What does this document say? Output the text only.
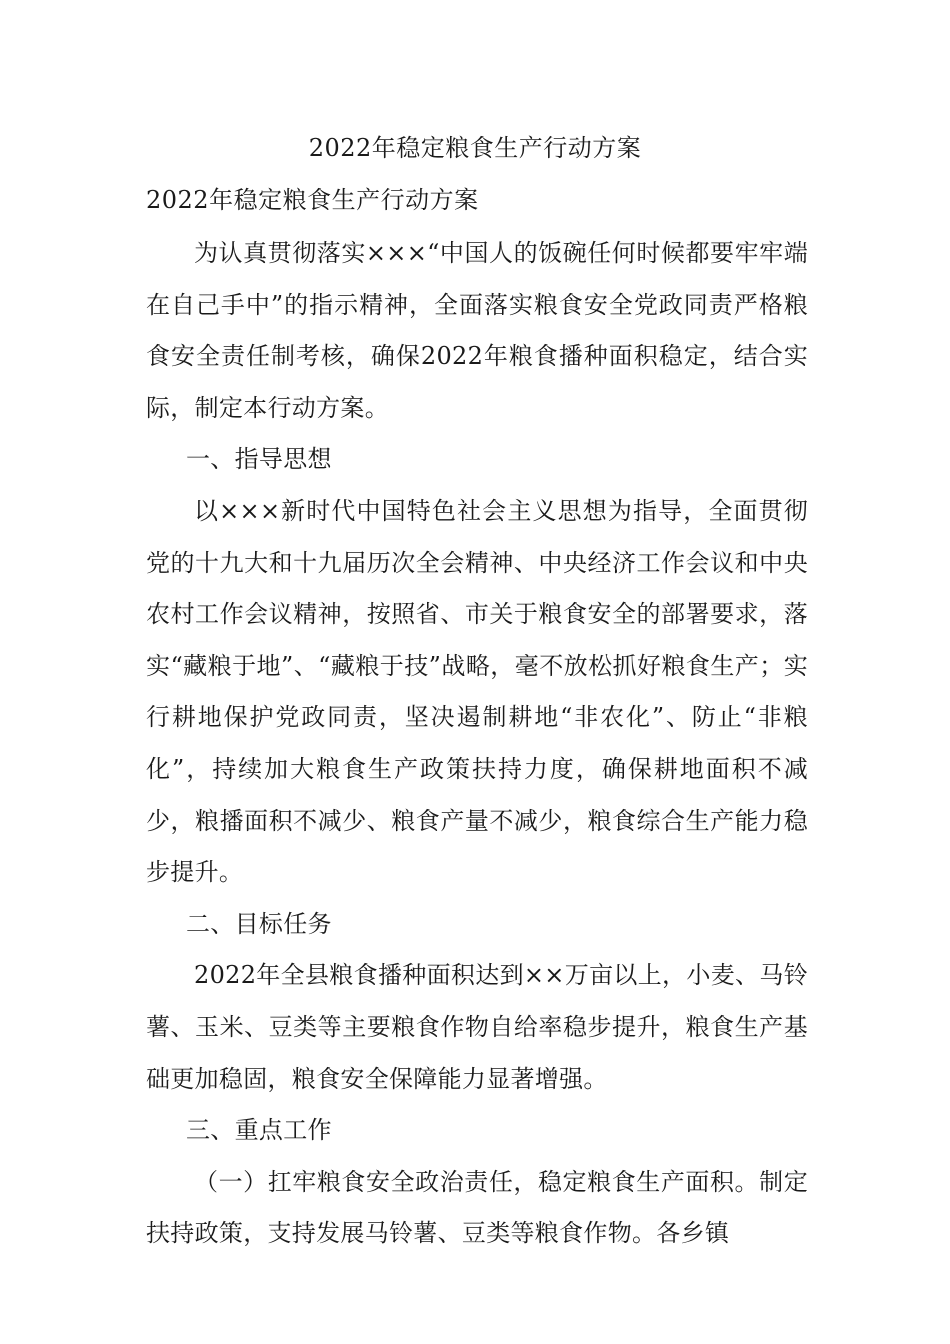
2022年稳定粮食生产行动方案
2022年稳定粮食生产行动方案

为认真贯彻落实×××“中国人的饭碗任何时候都要牢牢端在自己手中”的指示精神，全面落实粮食安全党政同责严格粮食安全责任制考核，确保2022年粮食播种面积稳定，结合实际，制定本行动方案。

一、指导思想

以×××新时代中国特色社会主义思想为指导，全面贯彻党的十九大和十九届历次全会精神、中央经济工作会议和中央农村工作会议精神，按照省、市关于粮食安全的部署要求，落实“藏粮于地”、“藏粮于技”战略，毫不放松抓好粮食生产；实行耕地保护党政同责，坚决遏制耕地“非农化”、防止“非粮化”，持续加大粮食生产政策扶持力度，确保耕地面积不减少，粮播面积不减少、粮食产量不减少，粮食综合生产能力稳步提升。

二、目标任务

2022年全县粮食播种面积达到××万亩以上，小麦、马铃薯、玉米、豆类等主要粮食作物自给率稳步提升，粮食生产基础更加稳固，粮食安全保障能力显著增强。

三、重点工作

（一）扛牢粮食安全政治责任，稳定粮食生产面积。制定扶持政策，支持发展马铃薯、豆类等粮食作物。各乡镇
